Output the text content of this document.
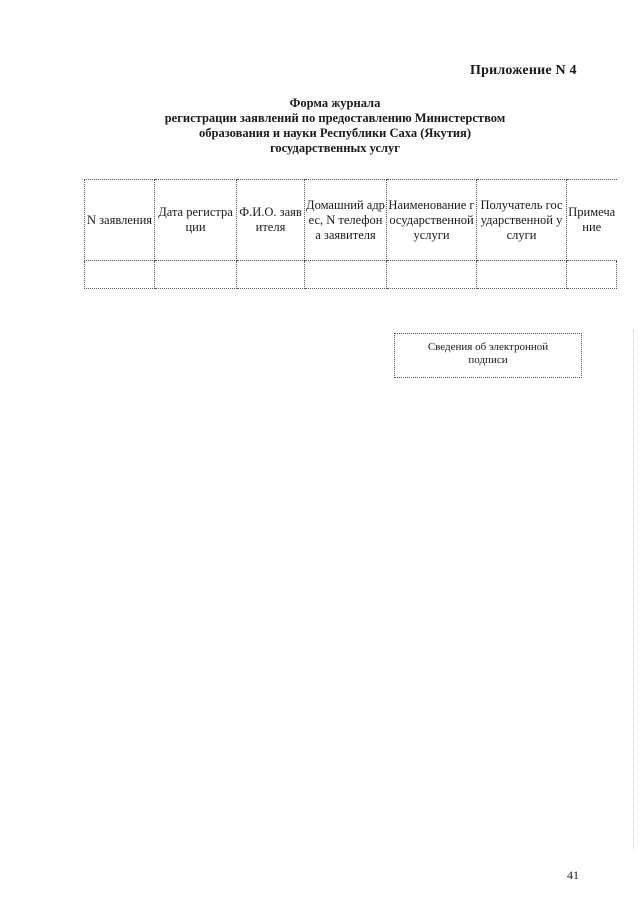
Приложение N 4
Форма журнала
регистрации заявлений по предоставлению Министерством
образования и науки Республики Саха (Якутия)
государственных услуг
N заявления	Дата регистрации	Ф.И.О. заявителя	Домашний адрес, N телефона заявителя	Наименование государственной услуги	Получатель государственной услуги	Примечание

Сведения об электронной подписи
41
